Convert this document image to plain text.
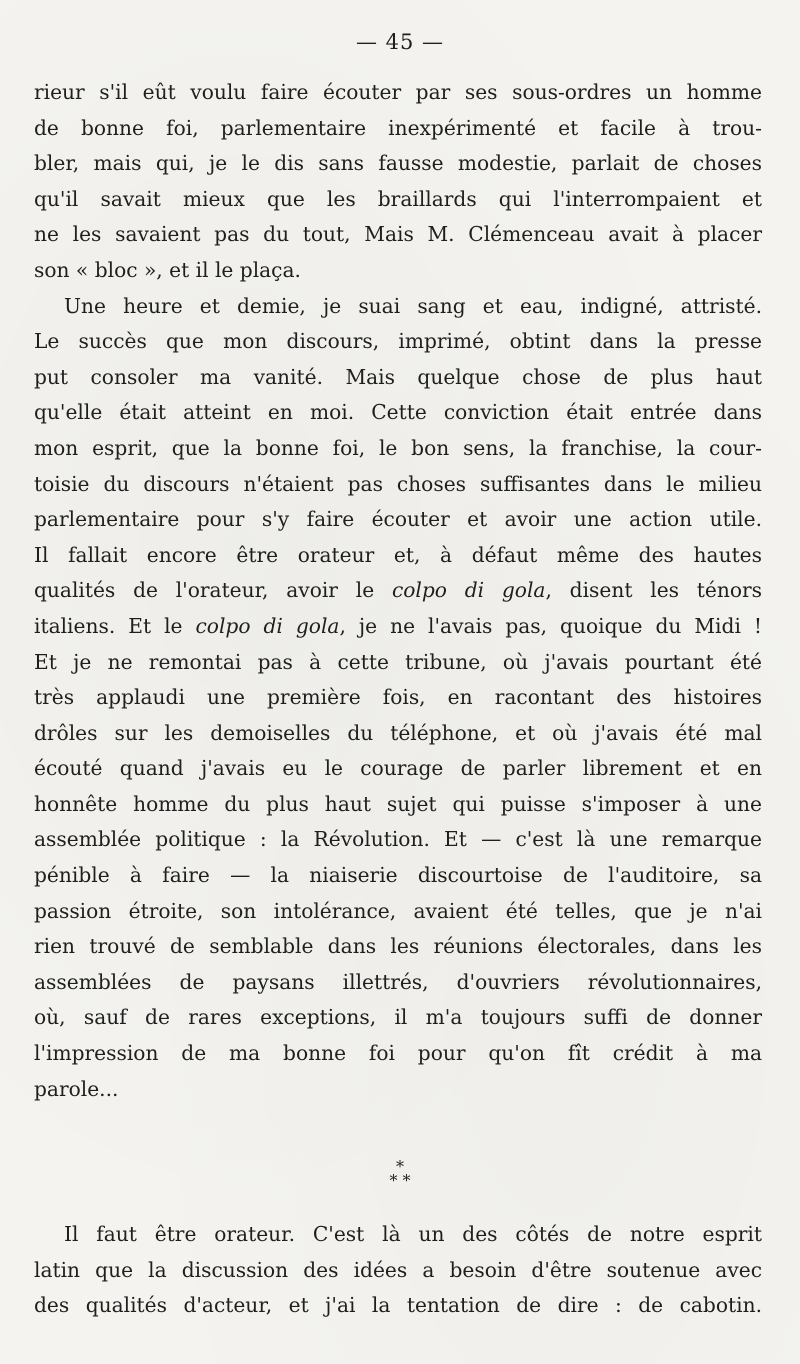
— 45 —
rieur s'il eût voulu faire écouter par ses sous-ordres un homme
de bonne foi, parlementaire inexpérimenté et facile à trou-
bler, mais qui, je le dis sans fausse modestie, parlait de choses
qu'il savait mieux que les braillards qui l'interrompaient et
ne les savaient pas du tout, Mais M. Clémenceau avait à placer
son « bloc », et il le plaça.
Une heure et demie, je suai sang et eau, indigné, attristé.
Le succès que mon discours, imprimé, obtint dans la presse
put consoler ma vanité. Mais quelque chose de plus haut
qu'elle était atteint en moi. Cette conviction était entrée dans
mon esprit, que la bonne foi, le bon sens, la franchise, la cour-
toisie du discours n'étaient pas choses suffisantes dans le milieu
parlementaire pour s'y faire écouter et avoir une action utile.
Il fallait encore être orateur et, à défaut même des hautes
qualités de l'orateur, avoir le colpo di gola, disent les ténors
italiens. Et le colpo di gola, je ne l'avais pas, quoique du Midi !
Et je ne remontai pas à cette tribune, où j'avais pourtant été
très applaudi une première fois, en racontant des histoires
drôles sur les demoiselles du téléphone, et où j'avais été mal
écouté quand j'avais eu le courage de parler librement et en
honnête homme du plus haut sujet qui puisse s'imposer à une
assemblée politique : la Révolution. Et — c'est là une remarque
pénible à faire — la niaiserie discourtoise de l'auditoire, sa
passion étroite, son intolérance, avaient été telles, que je n'ai
rien trouvé de semblable dans les réunions électorales, dans les
assemblées de paysans illettrés, d'ouvriers révolutionnaires,
où, sauf de rares exceptions, il m'a toujours suffi de donner
l'impression de ma bonne foi pour qu'on fît crédit à ma
parole...
*
* *
Il faut être orateur. C'est là un des côtés de notre esprit
latin que la discussion des idées a besoin d'être soutenue avec
des qualités d'acteur, et j'ai la tentation de dire : de cabotin.
